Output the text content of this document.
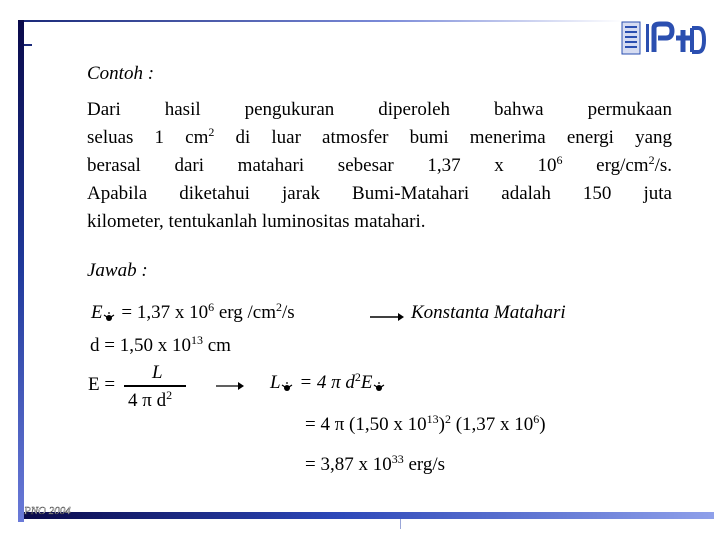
PNO 2004
Contoh :
Dari hasil pengukuran diperoleh bahwa permukaan
seluas 1 $cm^2$ di luar atmosfer bumi menerima energi yang
berasal dari matahari sebesar 1,37 x $10^6$ erg/$cm^2/s$.
Apabila diketahui jarak Bumi-Matahari adalah 150 juta
kilometer, tentukanlah luminositas matahari.
Jawab :
E = 1,37 x $10^6$ erg $/cm^2/s$	Konstanta Matahari
d = 1,50 x $10^{13}$ cm
E =
L
4 π $d^2$
L = 4 π $d^2E$
= 4 π (1,50 x $10^{13})^2$ (1,37 x $10^6$)
= 3,87 x $10^{33}$ erg/s
